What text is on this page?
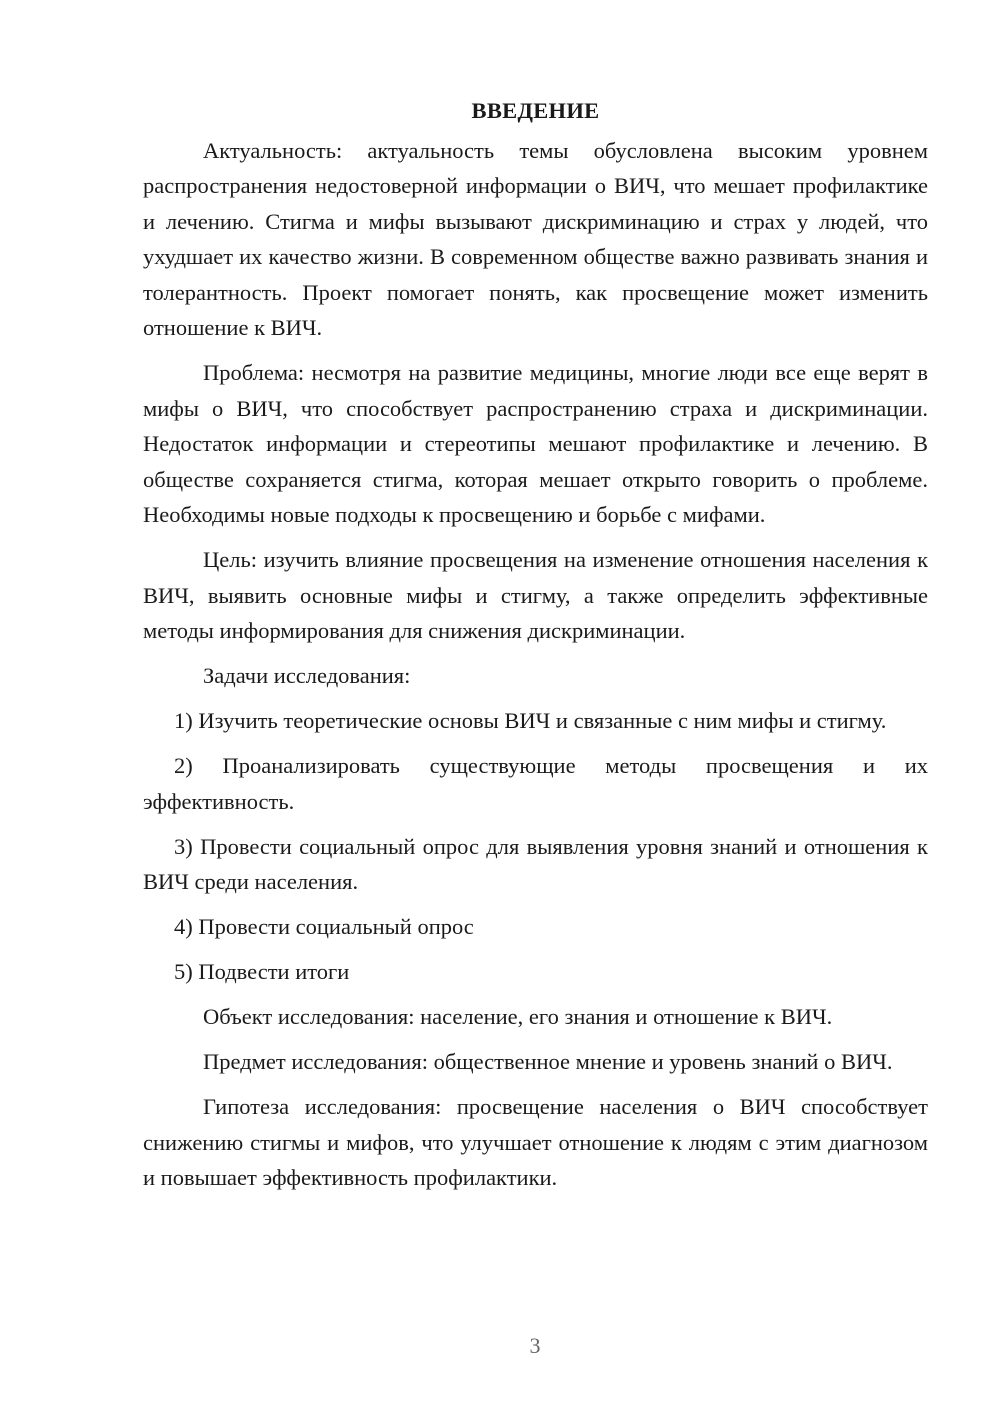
ВВЕДЕНИЕ

Актуальность: актуальность темы обусловлена высоким уровнем распространения недостоверной информации о ВИЧ, что мешает профилактике и лечению. Стигма и мифы вызывают дискриминацию и страх у людей, что ухудшает их качество жизни. В современном обществе важно развивать знания и толерантность. Проект помогает понять, как просвещение может изменить отношение к ВИЧ.

Проблема: несмотря на развитие медицины, многие люди все еще верят в мифы о ВИЧ, что способствует распространению страха и дискриминации. Недостаток информации и стереотипы мешают профилактике и лечению. В обществе сохраняется стигма, которая мешает открыто говорить о проблеме. Необходимы новые подходы к просвещению и борьбе с мифами.

Цель: изучить влияние просвещения на изменение отношения населения к ВИЧ, выявить основные мифы и стигму, а также определить эффективные методы информирования для снижения дискриминации.

Задачи исследования:

1) Изучить теоретические основы ВИЧ и связанные с ним мифы и стигму.

2) Проанализировать существующие методы просвещения и их эффективность.

3) Провести социальный опрос для выявления уровня знаний и отношения к ВИЧ среди населения.

4) Провести социальный опрос

5) Подвести итоги

Объект исследования: население, его знания и отношение к ВИЧ.

Предмет исследования: общественное мнение и уровень знаний о ВИЧ.

Гипотеза исследования: просвещение населения о ВИЧ способствует снижению стигмы и мифов, что улучшает отношение к людям с этим диагнозом и повышает эффективность профилактики.

3
